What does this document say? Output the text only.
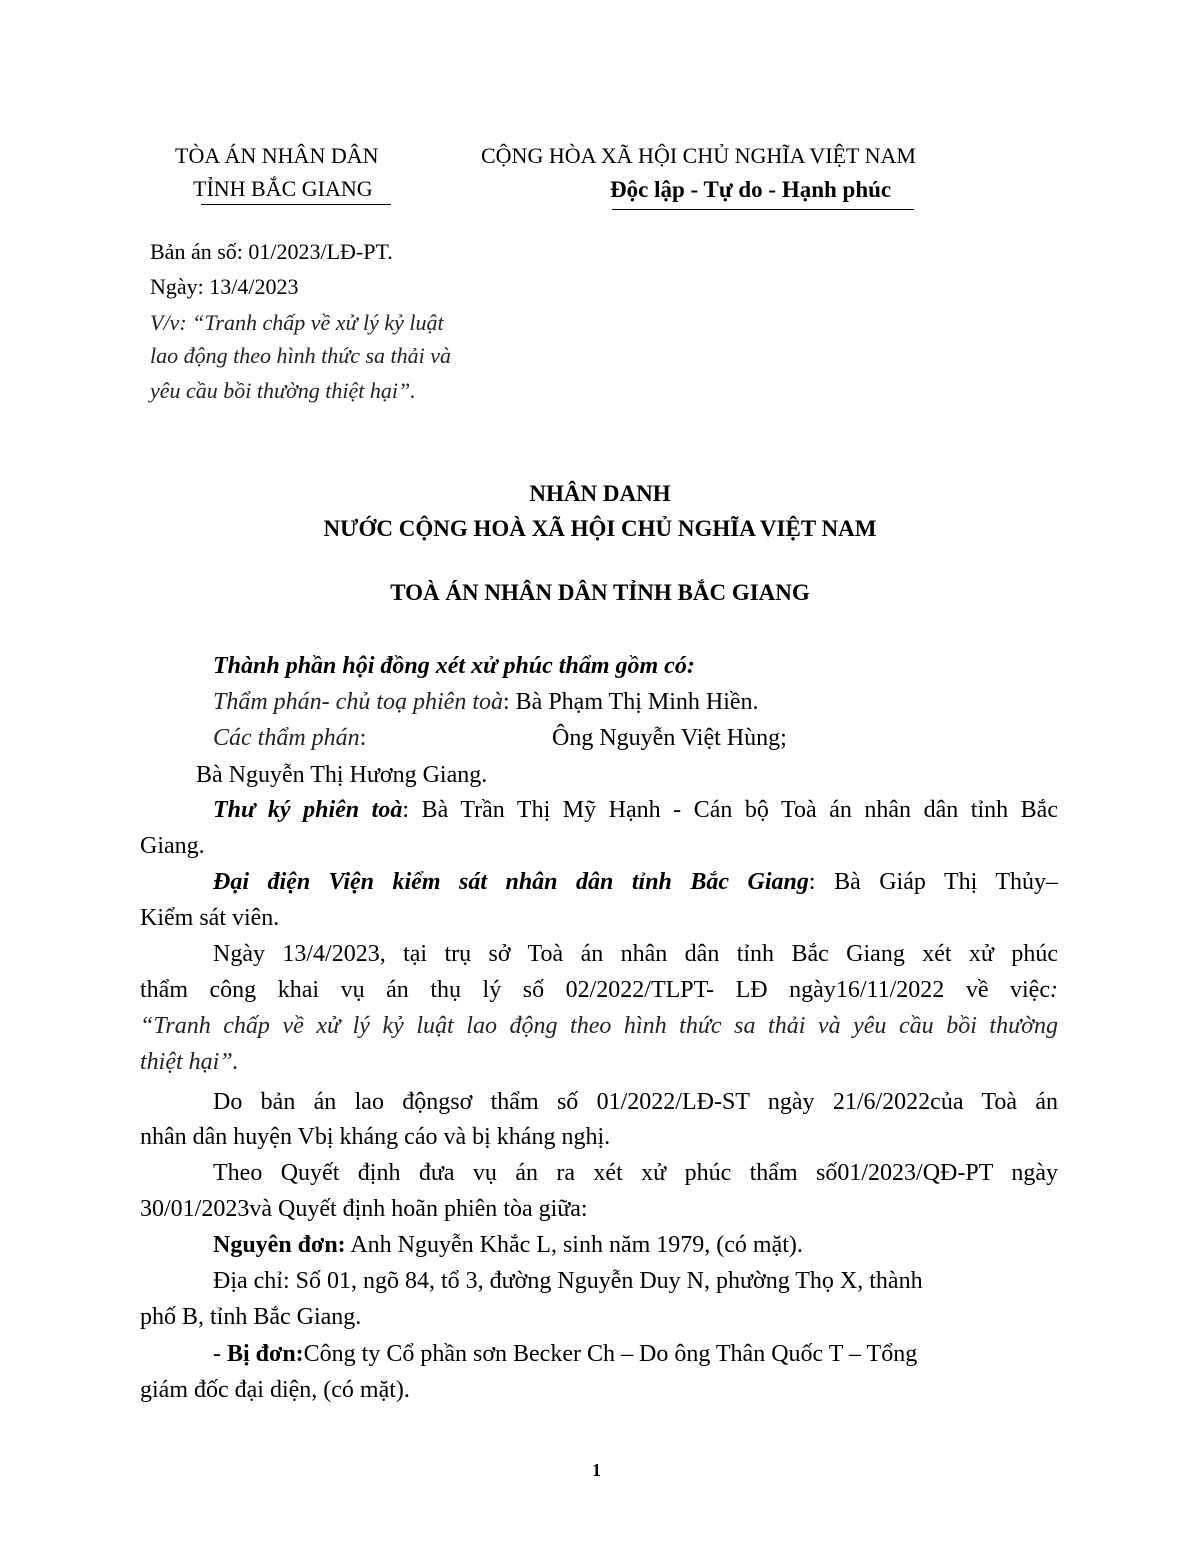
TÒA ÁN NHÂN DÂN
TỈNH BẮC GIANG
CỘNG HÒA XÃ HỘI CHỦ NGHĨA VIỆT NAM
Độc lập - Tự do - Hạnh phúc
Bản án số: 01/2023/LĐ-PT.
Ngày: 13/4/2023
V/v: “Tranh chấp về xử lý kỷ luật
lao động theo hình thức sa thải và
yêu cầu bồi thường thiệt hại”.
NHÂN DANH
NƯỚC CỘNG HOÀ XÃ HỘI CHỦ NGHĨA VIỆT NAM
TOÀ ÁN NHÂN DÂN TỈNH BẮC GIANG
Thành phần hội đồng xét xử phúc thẩm gồm có:
Thẩm phán- chủ toạ phiên toà: Bà Phạm Thị Minh Hiền.
Các thẩm phán:	Ông Nguyễn Việt Hùng;
Bà Nguyễn Thị Hương Giang.
Thư ký phiên toà: Bà Trần Thị Mỹ Hạnh - Cán bộ Toà án nhân dân tỉnh Bắc
Giang.
Đại điện Viện kiểm sát nhân dân tỉnh Bắc Giang: Bà Giáp Thị Thủy–
Kiểm sát viên.
Ngày 13/4/2023, tại trụ sở Toà án nhân dân tỉnh Bắc Giang xét xử phúc
thẩm công khai vụ án thụ lý số 02/2022/TLPT- LĐ ngày16/11/2022 về việc:
“Tranh chấp về xử lý kỷ luật lao động theo hình thức sa thải và yêu cầu bồi thường
thiệt hại”.
Do bản án lao độngsơ thẩm số 01/2022/LĐ-ST ngày 21/6/2022của Toà án
nhân dân huyện Vbị kháng cáo và bị kháng nghị.
Theo Quyết định đưa vụ án ra xét xử phúc thẩm số01/2023/QĐ-PT ngày
30/01/2023và Quyết định hoãn phiên tòa giữa:
Nguyên đơn: Anh Nguyễn Khắc L, sinh năm 1979, (có mặt).
Địa chỉ: Số 01, ngõ 84, tổ 3, đường Nguyễn Duy N, phường Thọ X, thành
phố B, tỉnh Bắc Giang.
- Bị đơn:Công ty Cổ phần sơn Becker Ch – Do ông Thân Quốc T – Tổng
giám đốc đại diện, (có mặt).
1
